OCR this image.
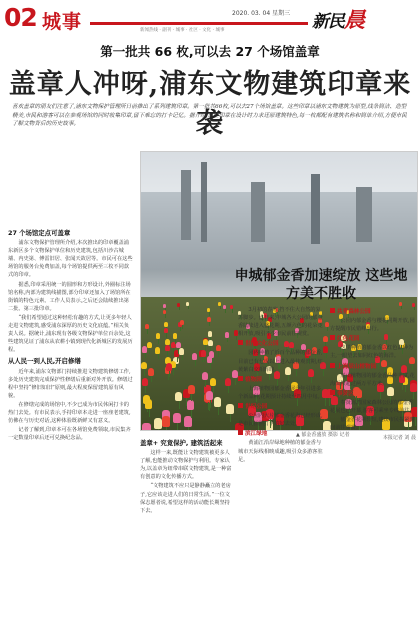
02 城事	2020. 03. 04 星期三
新闻热线 · 副刊 · 城事 · 社区 · 文化 · 城事	新民晨
第一批共 66 枚,可以去 27 个场馆盖章
盖章人冲呀,浦东文物建筑印章来袭
喜欢盖章的朋友们注意了,浦东文物保护管理所日前推出了系列建筑印章。第一批共66枚,可以去27个场馆盖章。这些印章以浦东文物建筑为原型,线条简洁、造型精美,市民和游客可以在参观场馆的同时收集印章,留下难忘的打卡记忆。据介绍,这些印章在设计时力求还原建筑特色,每一枚都配有建筑名称和简单介绍,方便市民了解文物背后的历史故事。
▲ 郁金香盛放 摄影 记者
申城郁金香加速绽放 这些地方美不胜收
27 个场馆定点可盖章

浦东文物保护管理所介绍,本次推出的印章覆盖浦东新区多个文物保护单位和历史建筑,包括川沙古城墙、内史第、傅雷旧居、张闻天故居等。市民可在这些场馆的服务台免费加盖,每个场馆提供两至三枚不同款式的印章。

据悉,印章采用统一的圆形和方形设计,外圈标注场馆名称,内部为建筑线描图,部分印章还加入了场馆所在街镇的特色元素。工作人员表示,之后还会陆续推出第二批、第三批印章。

“我们希望通过这种轻松有趣的方式,让更多年轻人走进文物建筑,感受浦东深厚的历史文化底蕴。”相关负责人说。据统计,浦东现有各级文物保护单位百余处,这些建筑见证了浦东从农耕小镇到现代化新城区的发展历程。

从人民一到人民,开启修缮

近年来,浦东文物部门持续推进文物建筑修缮工作,多处历史建筑完成保护性修缮后重新对外开放。修缮过程中坚持“修旧如旧”原则,最大程度保留建筑原有风貌。

在修缮完成的场馆中,不少已成为市民休闲打卡的热门去处。有市民表示,手持印章本走进一座座老建筑,仿佛在与历史对话,这种体验既新鲜又有意义。

记者了解到,印章本可在各场馆免费领取,市民集齐一定数量印章后还可兑换纪念品。

盖章+ 究竟保护, 建筑活起来

这样一来,既能让文物建筑被更多人了解,也能推动文物保护与利用。专家认为,以盖章为纽带串联文物建筑,是一种富有创意的文化传播方式。

“文物建筑不应只是静静矗立的老房子,它应该走进人们的日常生活。”一位文保志愿者说,希望这样的活动能长期坚持下去。

3月初的春寒,挡不住大自然的复苏脚步。连日来,申城各大公园的郁金香陆续进入盛花期,五颜六色的花朵竞相开放,吸引不少市民前往观赏。

世博文化公园

园内种植了近百个品种的郁金香,目前已有七成以上进入最佳观赏期,红黄紫白交相辉映。

植物园

上海植物园郁金香展今年引进多个新品种,花期预计持续至四月中旬。

世纪公园

公园内大片郁金香花海已经形成,是市民拍照打卡的好去处。

滨江绿地

黄浦江沿岸绿地种植的郁金香与城市天际线相映成趣,吸引众多游客驻足。

共青森林公园

公园内郁金香与樱花同期开放,园方提醒市民错峰出行。

红色花园

这里种植的郁金香以红色品种为主,一眼望去如同红色的海洋。

上海辰山植物园

辰山植物园的郁金香品种丰富,花海面积超过两万平方米。

奉贤区

奉贤海湾国家森林公园的郁金香花展也已开幕,游客可乘坐专线前往。

郁金香花期较短,建议市民抓紧时间前往观赏。

本报记者 刘 晨
